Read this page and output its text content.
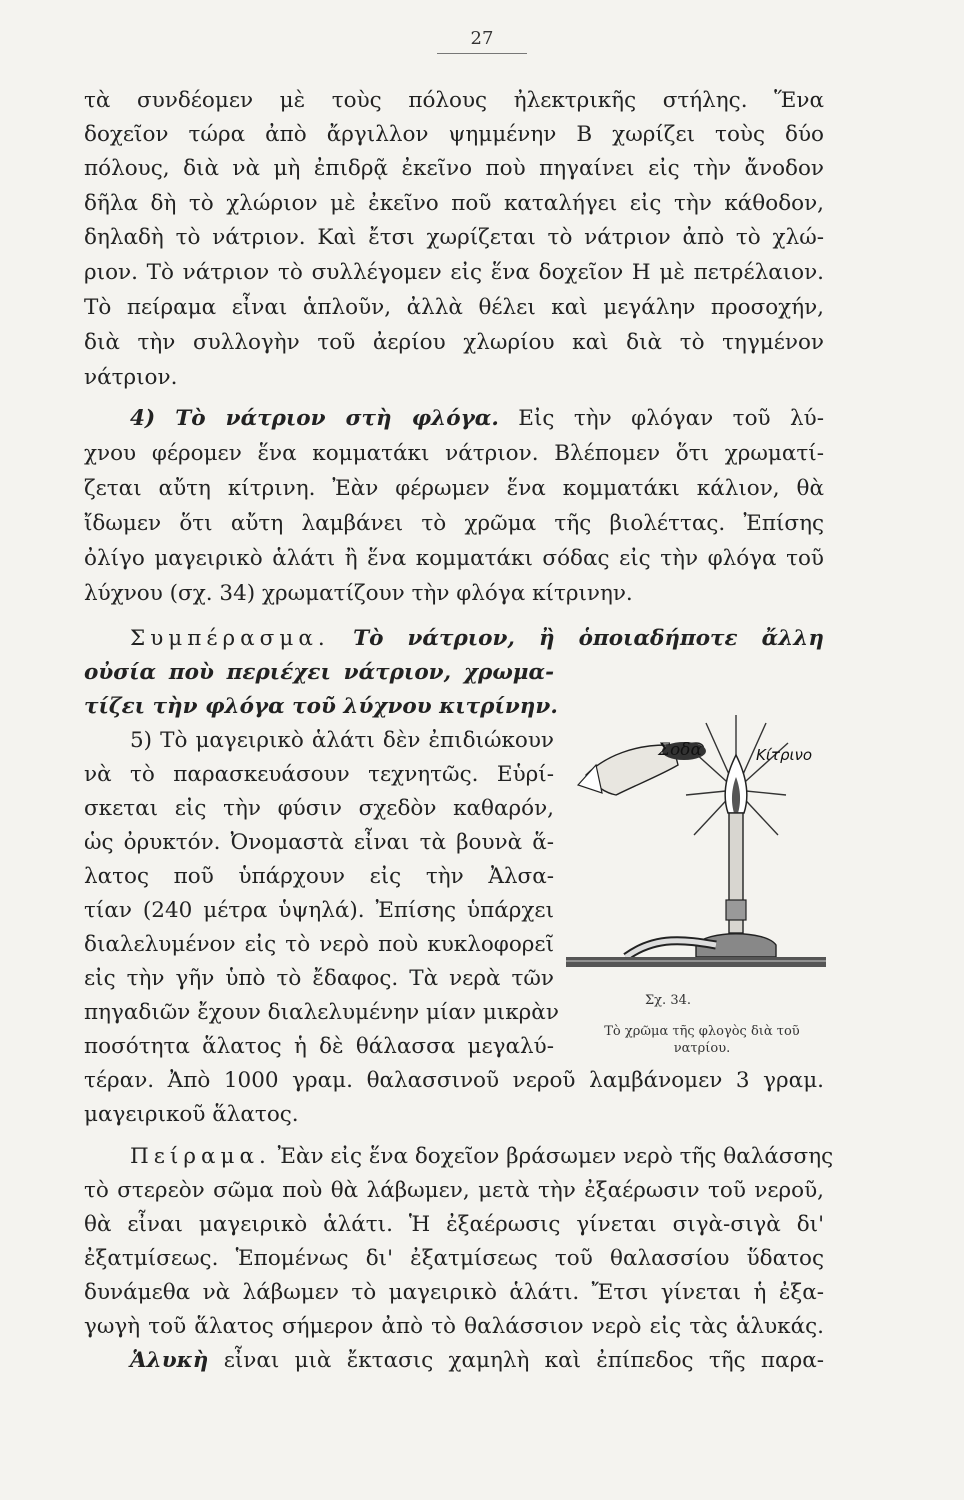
27
τὰ συνδέομεν μὲ τοὺς πόλους ἠλεκτρικῆς στήλης. Ἕνα
δοχεῖον τώρα ἀπὸ ἄργιλλον ψημμένην Β χωρίζει τοὺς δύο
πόλους, διὰ νὰ μὴ ἐπιδρᾷ ἐκεῖνο ποὺ πηγαίνει εἰς τὴν ἄνοδον
δῆλα δὴ τὸ χλώριον μὲ ἐκεῖνο ποῦ καταλήγει εἰς τὴν κάθοδον,
δηλαδὴ τὸ νάτριον. Καὶ ἔτσι χωρίζεται τὸ νάτριον ἀπὸ τὸ χλώ-
ριον. Τὸ νάτριον τὸ συλλέγομεν εἰς ἕνα δοχεῖον Η μὲ πετρέλαιον.
Τὸ πείραμα εἶναι ἁπλοῦν, ἀλλὰ θέλει καὶ μεγάλην προσοχήν,
διὰ τὴν συλλογὴν τοῦ ἀερίου χλωρίου καὶ διὰ τὸ τηγμένον
νάτριον.
4) Τὸ νάτριον στὴ φλόγα. Εἰς τὴν φλόγαν τοῦ λύ-
χνου φέρομεν ἕνα κομματάκι νάτριον. Βλέπομεν ὅτι χρωματί-
ζεται αὔτη κίτρινη. Ἐὰν φέρωμεν ἕνα κομματάκι κάλιον, θὰ
ἴδωμεν ὅτι αὔτη λαμβάνει τὸ χρῶμα τῆς βιολέττας. Ἐπίσης
ὀλίγο μαγειρικὸ ἁλάτι ἢ ἕνα κομματάκι σόδας εἰς τὴν φλόγα τοῦ
λύχνου (σχ. 34) χρωματίζουν τὴν φλόγα κίτρινην.
Συμπέρασμα. Τὸ νάτριον, ἢ ὁποιαδήποτε ἄλλη
οὐσία ποὺ περιέχει νάτριον, χρωμα-
τίζει τὴν φλόγα τοῦ λύχνου κιτρίνην.
5) Τὸ μαγειρικὸ ἁλάτι δὲν ἐπιδιώκουν
νὰ τὸ παρασκευάσουν τεχνητῶς. Εὑρί-
σκεται εἰς τὴν φύσιν σχεδὸν καθαρόν,
ὡς ὀρυκτόν. Ὀνομαστὰ εἶναι τὰ βουνὰ ἅ-
λατος ποῦ ὑπάρχουν εἰς τὴν Ἀλσα-
τίαν (240 μέτρα ὑψηλά). Ἐπίσης ὑπάρχει
διαλελυμένον εἰς τὸ νερὸ ποὺ κυκλοφορεῖ
εἰς τὴν γῆν ὑπὸ τὸ ἔδαφος. Τὰ νερὰ τῶν
πηγαδιῶν ἔχουν διαλελυμένην μίαν μικρὰν
ποσότητα ἅλατος ἡ δὲ θάλασσα μεγαλύ-
Σοδα	Κίτρινο
Σχ. 34.
Τὸ χρῶμα τῆς φλογὸς διὰ τοῦ νατρίου.
τέραν. Ἀπὸ 1000 γραμ. θαλασσινοῦ νεροῦ λαμβάνομεν 3 γραμ.
μαγειρικοῦ ἅλατος.
Πείραμα. Ἐὰν εἰς ἕνα δοχεῖον βράσωμεν νερὸ τῆς θαλάσσης
τὸ στερεὸν σῶμα ποὺ θὰ λάβωμεν, μετὰ τὴν ἐξαέρωσιν τοῦ νεροῦ,
θὰ εἶναι μαγειρικὸ ἁλάτι. Ἡ ἐξαέρωσις γίνεται σιγὰ-σιγὰ δι'
ἐξατμίσεως. Ἑπομένως δι' ἐξατμίσεως τοῦ θαλασσίου ὕδατος
δυνάμεθα νὰ λάβωμεν τὸ μαγειρικὸ ἁλάτι. Ἔτσι γίνεται ἡ ἐξα-
γωγὴ τοῦ ἅλατος σήμερον ἀπὸ τὸ θαλάσσιον νερὸ εἰς τὰς ἁλυκάς.
Ἁλυκὴ εἶναι μιὰ ἔκτασις χαμηλὴ καὶ ἐπίπεδος τῆς παρα-
